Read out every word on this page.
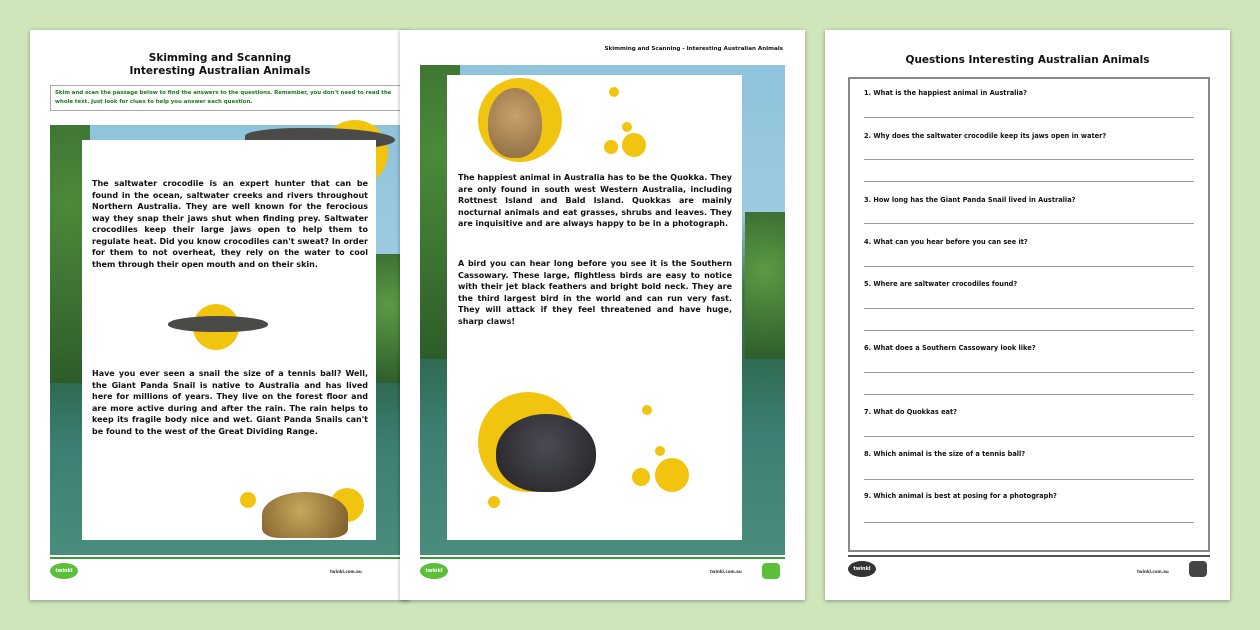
Skimming and Scanning
Interesting Australian Animals
Skim and scan the passage below to find the answers to the questions. Remember, you don't need to read the whole text. Just look for clues to help you answer each question.
The saltwater crocodile is an expert hunter that can be found in the ocean, saltwater creeks and rivers throughout Northern Australia. They are well known for the ferocious way they snap their jaws shut when finding prey. Saltwater crocodiles keep their large jaws open to help them to regulate heat. Did you know crocodiles can't sweat? In order for them to not overheat, they rely on the water to cool them through their open mouth and on their skin.
Have you ever seen a snail the size of a tennis ball? Well, the Giant Panda Snail is native to Australia and has lived here for millions of years. They live on the forest floor and are more active during and after the rain. The rain helps to keep its fragile body nice and wet. Giant Panda Snails can't be found to the west of the Great Dividing Range.
twinkl	twinkl.com.au
Skimming and Scanning - Interesting Australian Animals
The happiest animal in Australia has to be the Quokka. They are only found in south west Western Australia, including Rottnest Island and Bald Island. Quokkas are mainly nocturnal animals and eat grasses, shrubs and leaves. They are inquisitive and are always happy to be in a photograph.
A bird you can hear long before you see it is the Southern Cassowary. These large, flightless birds are easy to notice with their jet black feathers and bright bold neck. They are the third largest bird in the world and can run very fast. They will attack if they feel threatened and have huge, sharp claws!
twinkl	twinkl.com.au
Questions Interesting Australian Animals
1. What is the happiest animal in Australia?
2. Why does the saltwater crocodile keep its jaws open in water?
3. How long has the Giant Panda Snail lived in Australia?
4. What can you hear before you can see it?
5. Where are saltwater crocodiles found?
6. What does a Southern Cassowary look like?
7. What do Quokkas eat?
8. Which animal is the size of a tennis ball?
9. Which animal is best at posing for a photograph?
twinkl	twinkl.com.au
